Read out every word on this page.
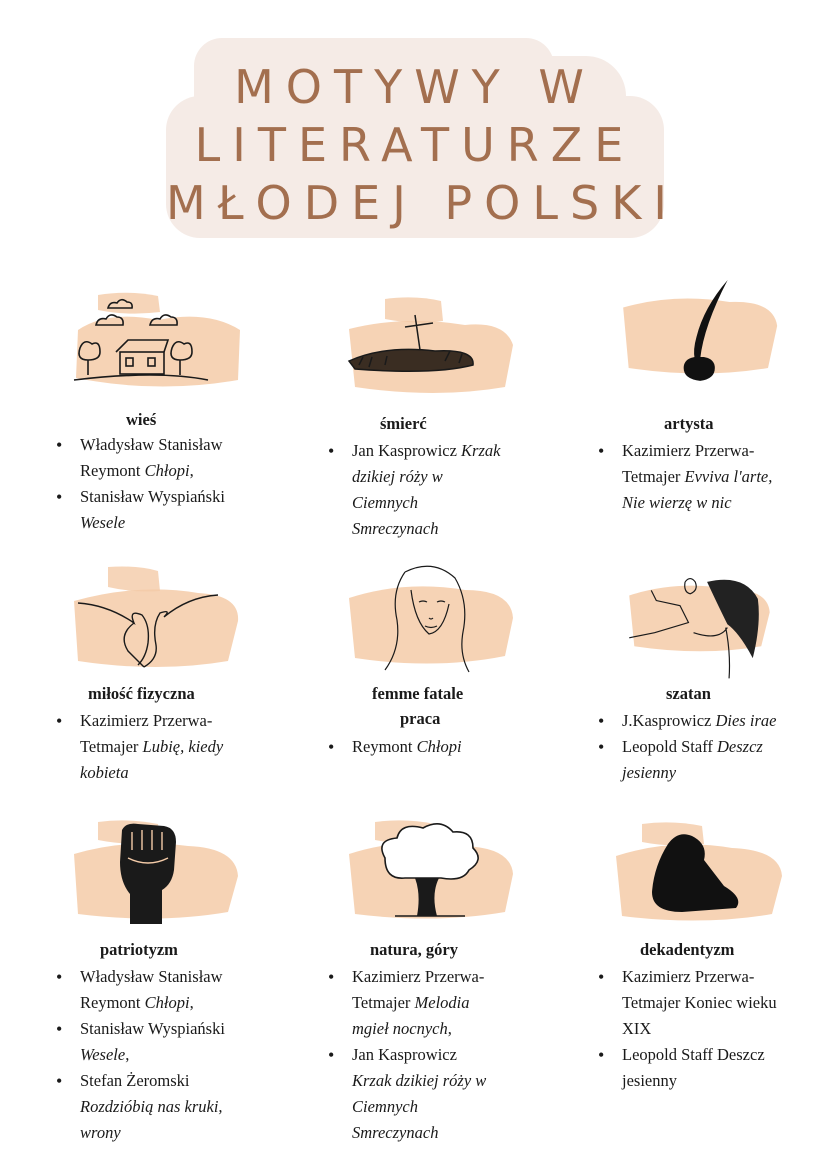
MOTYWY W
LITERATURZE
MŁODEJ POLSKI
wieś
• Władysław Stanisław
Reymont Chłopi,
• Stanisław Wyspiański
Wesele
śmierć
• Jan Kasprowicz Krzak
dzikiej róży w
Ciemnych
Smreczynach
artysta
• Kazimierz Przerwa-
Tetmajer Evviva l'arte,
Nie wierzę w nic
miłość fizyczna
• Kazimierz Przerwa-
Tetmajer Lubię, kiedy
kobieta
femme fatale
praca
• Reymont Chłopi
szatan
• J.Kasprowicz Dies irae
• Leopold Staff Deszcz
jesienny
patriotyzm
• Władysław Stanisław
Reymont Chłopi,
• Stanisław Wyspiański
Wesele,
• Stefan Żeromski
Rozdzióbią nas kruki,
wrony
natura, góry
• Kazimierz Przerwa-
Tetmajer Melodia
mgieł nocnych,
• Jan Kasprowicz
Krzak dzikiej róży w
Ciemnych
Smreczynach
dekadentyzm
• Kazimierz Przerwa-
Tetmajer Koniec wieku
XIX
• Leopold Staff Deszcz
jesienny
